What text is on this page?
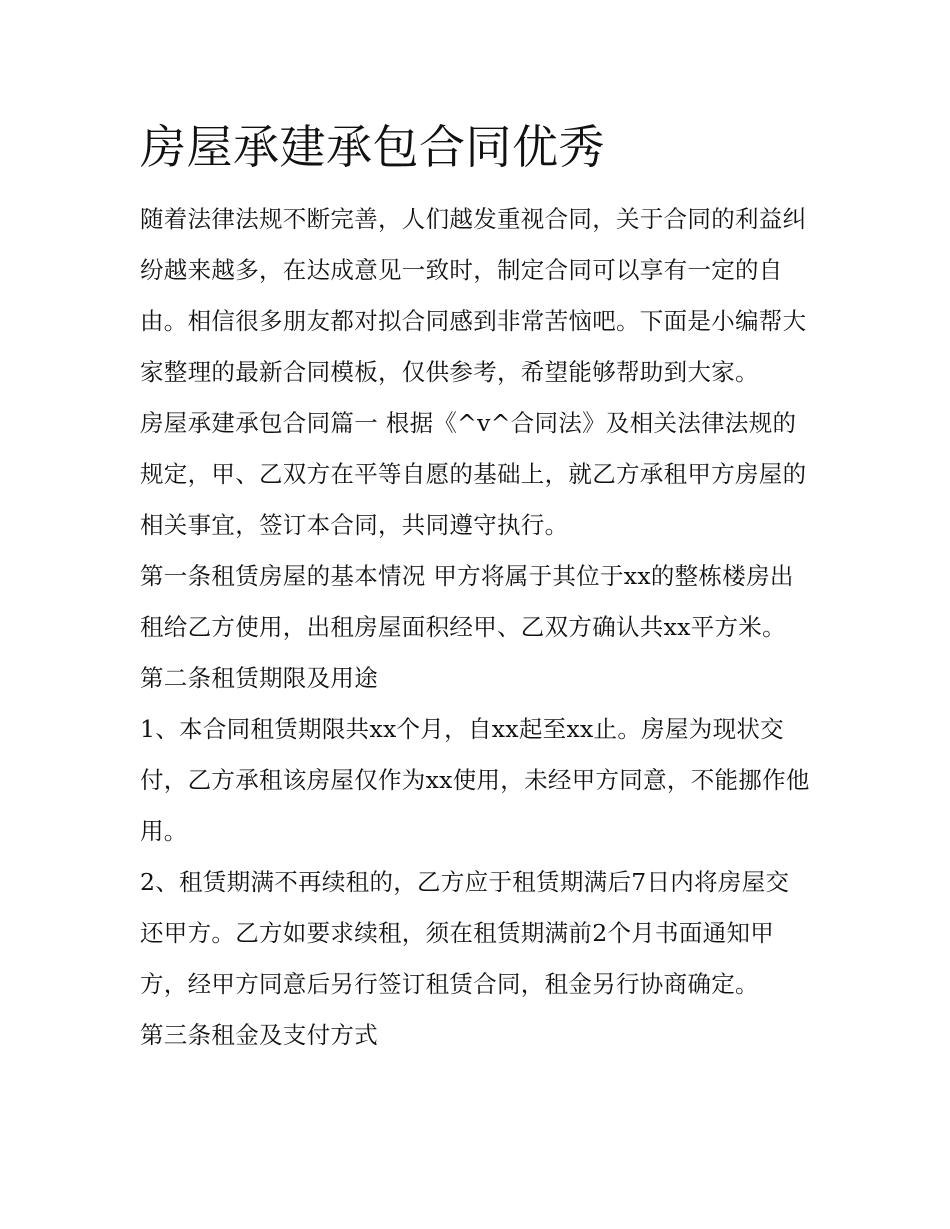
房屋承建承包合同优秀

随着法律法规不断完善，人们越发重视合同，关于合同的利益纠纷越来越多，在达成意见一致时，制定合同可以享有一定的自由。相信很多朋友都对拟合同感到非常苦恼吧。下面是小编帮大家整理的最新合同模板，仅供参考，希望能够帮助到大家。

房屋承建承包合同篇一 根据《^v^合同法》及相关法律法规的规定，甲、乙双方在平等自愿的基础上，就乙方承租甲方房屋的相关事宜，签订本合同，共同遵守执行。

第一条租赁房屋的基本情况 甲方将属于其位于xx的整栋楼房出租给乙方使用，出租房屋面积经甲、乙双方确认共xx平方米。 第二条租赁期限及用途

1、本合同租赁期限共xx个月，自xx起至xx止。房屋为现状交付，乙方承租该房屋仅作为xx使用，未经甲方同意，不能挪作他用。

2、租赁期满不再续租的，乙方应于租赁期满后7日内将房屋交还甲方。乙方如要求续租，须在租赁期满前2个月书面通知甲方，经甲方同意后另行签订租赁合同，租金另行协商确定。

第三条租金及支付方式
